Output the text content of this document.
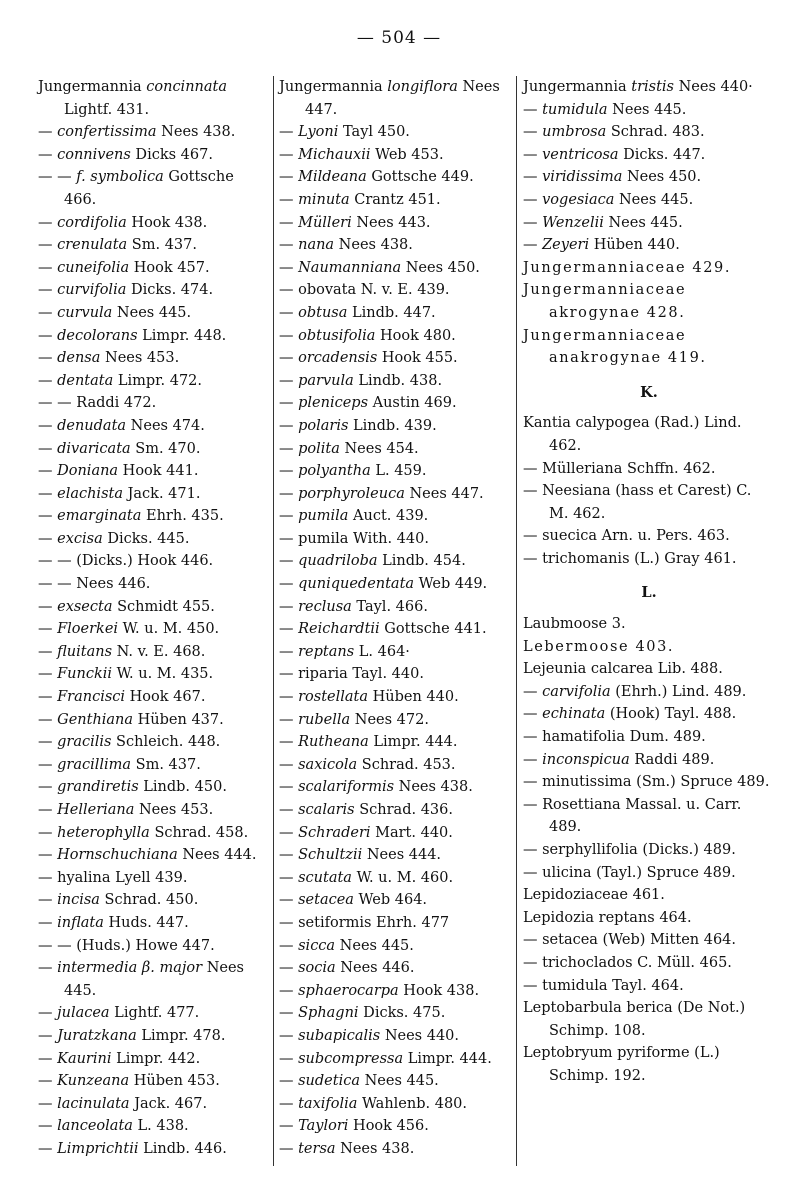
— 504 —

Jungermannia concinnata Lightf. 431.

— confertissima Nees 438.

— connivens Dicks 467.

— — f. symbolica Gottsche 466.

— cordifolia Hook 438.

— crenulata Sm. 437.

— cuneifolia Hook 457.

— curvifolia Dicks. 474.

— curvula Nees 445.

— decolorans Limpr. 448.

— densa Nees 453.

— dentata Limpr. 472.

— — Raddi 472.

— denudata Nees 474.

— divaricata Sm. 470.

— Doniana Hook 441.

— elachista Jack. 471.

— emarginata Ehrh. 435.

— excisa Dicks. 445.

— — (Dicks.) Hook 446.

— — Nees 446.

— exsecta Schmidt 455.

— Floerkei W. u. M. 450.

— fluitans N. v. E. 468.

— Funckii W. u. M. 435.

— Francisci Hook 467.

— Genthiana Hüben 437.

— gracilis Schleich. 448.

— gracillima Sm. 437.

— grandiretis Lindb. 450.

— Helleriana Nees 453.

— heterophylla Schrad. 458.

— Hornschuchiana Nees 444.

— hyalina Lyell 439.

— incisa Schrad. 450.

— inflata Huds. 447.

— — (Huds.) Howe 447.

— intermedia β. major Nees 445.

— julacea Lightf. 477.

— Juratzkana Limpr. 478.

— Kaurini Limpr. 442.

— Kunzeana Hüben 453.

— lacinulata Jack. 467.

— lanceolata L. 438.

— Limprichtii Lindb. 446.

Jungermannia longiflora Nees 447.

— Lyoni Tayl 450.

— Michauxii Web 453.

— Mildeana Gottsche 449.

— minuta Crantz 451.

— Mülleri Nees 443.

— nana Nees 438.

— Naumanniana Nees 450.

— obovata N. v. E. 439.

— obtusa Lindb. 447.

— obtusifolia Hook 480.

— orcadensis Hook 455.

— parvula Lindb. 438.

— pleniceps Austin 469.

— polaris Lindb. 439.

— polita Nees 454.

— polyantha L. 459.

— porphyroleuca Nees 447.

— pumila Auct. 439.

— pumila With. 440.

— quadriloba Lindb. 454.

— quniquedentata Web 449.

— reclusa Tayl. 466.

— Reichardtii Gottsche 441.

— reptans L. 464·

— riparia Tayl. 440.

— rostellata Hüben 440.

— rubella Nees 472.

— Rutheana Limpr. 444.

— saxicola Schrad. 453.

— scalariformis Nees 438.

— scalaris Schrad. 436.

— Schraderi Mart. 440.

— Schultzii Nees 444.

— scutata W. u. M. 460.

— setacea Web 464.

— setiformis Ehrh. 477

— sicca Nees 445.

— socia Nees 446.

— sphaerocarpa Hook 438.

— Sphagni Dicks. 475.

— subapicalis Nees 440.

— subcompressa Limpr. 444.

— sudetica Nees 445.

— taxifolia Wahlenb. 480.

— Taylori Hook 456.

— tersa Nees 438.

Jungermannia tristis Nees 440·

— tumidula Nees 445.

— umbrosa Schrad. 483.

— ventricosa Dicks. 447.

— viridissima Nees 450.

— vogesiaca Nees 445.

— Wenzelii Nees 445.

— Zeyeri Hüben 440.

Jungermanniaceae 429.

Jungermanniaceae akrogynae 428.

Jungermanniaceae anakrogynae 419.

K.

Kantia calypogea (Rad.) Lind. 462.

— Mülleriana Schffn. 462.

— Neesiana (hass et Carest) C. M. 462.

— suecica Arn. u. Pers. 463.

— trichomanis (L.) Gray 461.

L.

Laubmoose 3.

Lebermoose 403.

Lejeunia calcarea Lib. 488.

— carvifolia (Ehrh.) Lind. 489.

— echinata (Hook) Tayl. 488.

— hamatifolia Dum. 489.

— inconspicua Raddi 489.

— minutissima (Sm.) Spruce 489.

— Rosettiana Massal. u. Carr. 489.

— serphyllifolia (Dicks.) 489.

— ulicina (Tayl.) Spruce 489.

Lepidoziaceae 461.

Lepidozia reptans 464.

— setacea (Web) Mitten 464.

— trichoclados C. Müll. 465.

— tumidula Tayl. 464.

Leptobarbula berica (De Not.) Schimp. 108.

Leptobryum pyriforme (L.) Schimp. 192.
